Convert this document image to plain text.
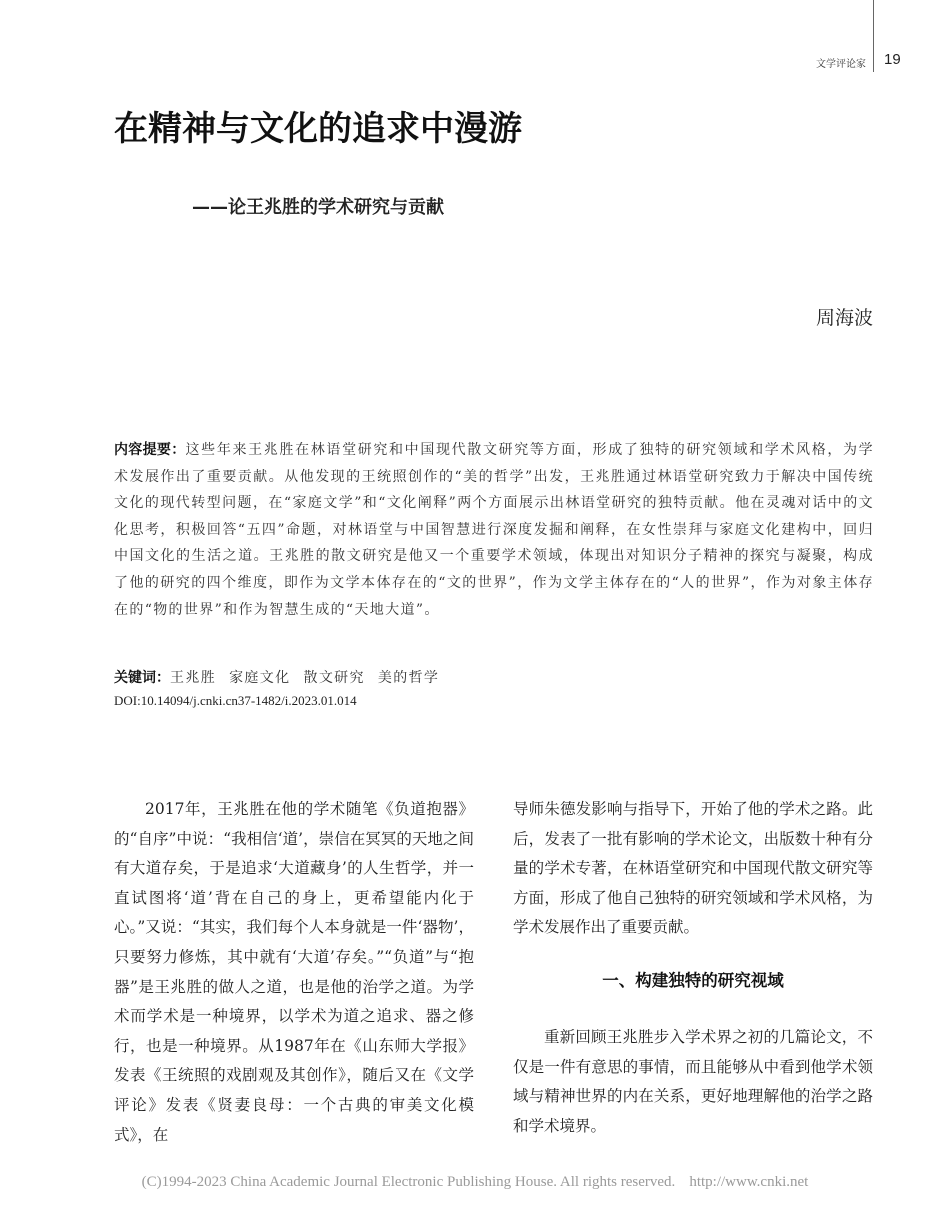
文学评论家 19
在精神与文化的追求中漫游
——论王兆胜的学术研究与贡献
周海波

内容提要：这些年来王兆胜在林语堂研究和中国现代散文研究等方面，形成了独特的研究领域和学术风格，为学术发展作出了重要贡献。从他发现的王统照创作的“美的哲学”出发，王兆胜通过林语堂研究致力于解决中国传统文化的现代转型问题，在“家庭文学”和“文化阐释”两个方面展示出林语堂研究的独特贡献。他在灵魂对话中的文化思考，积极回答“五四”命题，对林语堂与中国智慧进行深度发掘和阐释，在女性崇拜与家庭文化建构中，回归中国文化的生活之道。王兆胜的散文研究是他又一个重要学术领域，体现出对知识分子精神的探究与凝聚，构成了他的研究的四个维度，即作为文学本体存在的“文的世界”，作为文学主体存在的“人的世界”，作为对象主体存在的“物的世界”和作为智慧生成的“天地大道”。

关键词：王兆胜 家庭文化 散文研究 美的哲学

DOI:10.14094/j.cnki.cn37-1482/i.2023.01.014

2017年，王兆胜在他的学术随笔《负道抱器》的“自序”中说：“我相信‘道’，崇信在冥冥的天地之间有大道存矣，于是追求‘大道藏身’的人生哲学，并一直试图将‘道’背在自己的身上，更希望能内化于心。”又说：“其实，我们每个人本身就是一件‘器物’，只要努力修炼，其中就有‘大道’存矣。”“负道”与“抱器”是王兆胜的做人之道，也是他的治学之道。为学术而学术是一种境界，以学术为道之追求、器之修行，也是一种境界。从1987年在《山东师大学报》发表《王统照的戏剧观及其创作》，随后又在《文学评论》发表《贤妻良母：一个古典的审美文化模式》，在

导师朱德发影响与指导下，开始了他的学术之路。此后，发表了一批有影响的学术论文，出版数十种有分量的学术专著，在林语堂研究和中国现代散文研究等方面，形成了他自己独特的研究领域和学术风格，为学术发展作出了重要贡献。

一、构建独特的研究视域

重新回顾王兆胜步入学术界之初的几篇论文，不仅是一件有意思的事情，而且能够从中看到他学术领域与精神世界的内在关系，更好地理解他的治学之路和学术境界。

(C)1994-2023 China Academic Journal Electronic Publishing House. All rights reserved. http://www.cnki.net
